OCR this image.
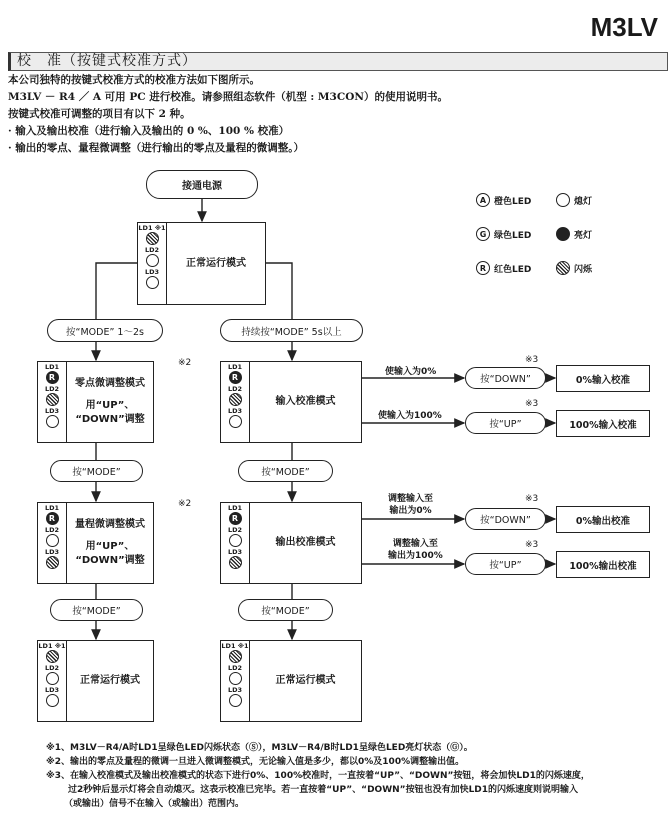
M3LV
校　准（按键式校准方式）
本公司独特的按键式校准方式的校准方法如下图所示。
M3LV － R4 ／ A 可用 PC 进行校准。请参照组态软件（机型 : M3CON）的使用说明书。
按键式校准可调整的项目有以下 2 种。
· 输入及输出校准（进行输入及输出的 0 %、100 % 校准）
· 输出的零点、量程微调整（进行输出的零点及量程的微调整。）
接通电源
LD1 ※1
LD2
LD3
正常运行模式
按“MODE” 1～2s	持续按“MODE” 5s以上
LD1
R
LD2
LD3
零点微调整模式
用“UP”、
“DOWN”调整
※2	LD1
R
LD2
LD3
输入校准模式
按“MODE”	按“MODE”
LD1
R
LD2
LD3
量程微调整模式
用“UP”、
“DOWN”调整
※2	LD1
R
LD2
LD3
输出校准模式
按“MODE”	按“MODE”
LD1 ※1
LD2
LD3
正常运行模式
LD1 ※1
LD2
LD3
正常运行模式
使输入为0%
使输入为100%
调整输入至
输出为0%
调整输入至
输出为100%
※3
※3
※3
※3
按“DOWN”
按“UP”
按“DOWN”
按“UP”
0%输入校准
100%输入校准
0%输出校准
100%输出校准
A 橙色LED
G 绿色LED
R 红色LED
熄灯
亮灯
闪烁
※1、M3LV－R4/A时LD1呈绿色LED闪烁状态（Ⓢ），M3LV－R4/B时LD1呈绿色LED亮灯状态（Ⓖ）。
※2、输出的零点及量程的微调一旦进入微调整模式，无论输入值是多少，都以0%及100%调整输出值。
※3、在输入校准模式及输出校准模式的状态下进行0%、100%校准时，一直按着“UP”、“DOWN”按钮，将会加快LD1的闪烁速度，
过2秒钟后显示灯将会自动熄灭。这表示校准已完毕。若一直按着“UP”、“DOWN”按钮也没有加快LD1的闪烁速度则说明输入
（或输出）信号不在输入（或输出）范围内。
